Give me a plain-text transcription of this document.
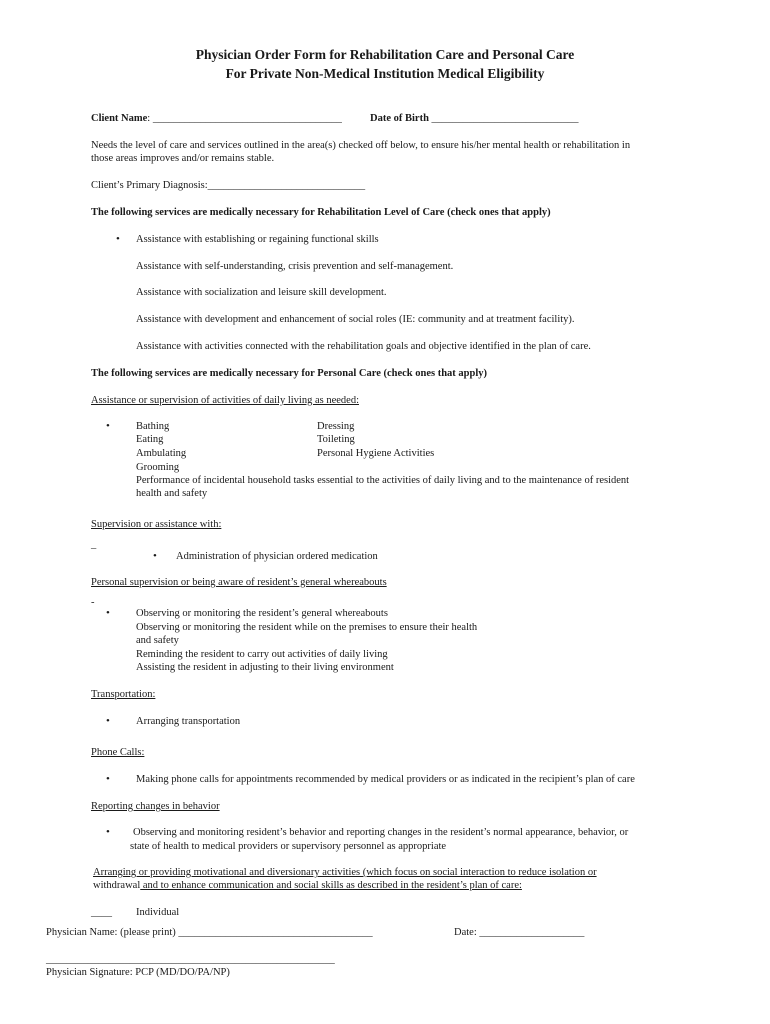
Physician Order Form for Rehabilitation Care and Personal Care
For Private Non-Medical Institution Medical Eligibility
Client Name: ____________________________________	Date of Birth ____________________________
Needs the level of care and services outlined in the area(s) checked off below, to ensure his/her mental health or rehabilitation in
those areas improves and/or remains stable.
Client’s Primary Diagnosis:______________________________
The following services are medically necessary for Rehabilitation Level of Care (check ones that apply)
• Assistance with establishing or regaining functional skills
Assistance with self-understanding, crisis prevention and self-management.
Assistance with socialization and leisure skill development.
Assistance with development and enhancement of social roles (IE: community and at treatment facility).
Assistance with activities connected with the rehabilitation goals and objective identified in the plan of care.
The following services are medically necessary for Personal Care (check ones that apply)
Assistance or supervision of activities of daily living as needed:
• Bathing
Eating
Ambulating
Grooming
Dressing
Toileting
Personal Hygiene Activities
Performance of incidental household tasks essential to the activities of daily living and to the maintenance of resident
health and safety
Supervision or assistance with:
_
• Administration of physician ordered medication
Personal supervision or being aware of resident’s general whereabouts
-
• Observing or monitoring the resident’s general whereabouts
Observing or monitoring the resident while on the premises to ensure their health
and safety
Reminding the resident to carry out activities of daily living
Assisting the resident in adjusting to their living environment
Transportation:
• Arranging transportation
Phone Calls:
• Making phone calls for appointments recommended by medical providers or as indicated in the recipient’s plan of care
Reporting changes in behavior
• Observing and monitoring resident’s behavior and reporting changes in the resident’s normal appearance, behavior, or
state of health to medical providers or supervisory personnel as appropriate
Arranging or providing motivational and diversionary activities (which focus on social interaction to reduce isolation or
withdrawal and to enhance communication and social skills as described in the resident’s plan of care:
____ Individual
Physician Name: (please print) _____________________________________	Date: ____________________
_______________________________________________________
Physician Signature: PCP (MD/DO/PA/NP)
